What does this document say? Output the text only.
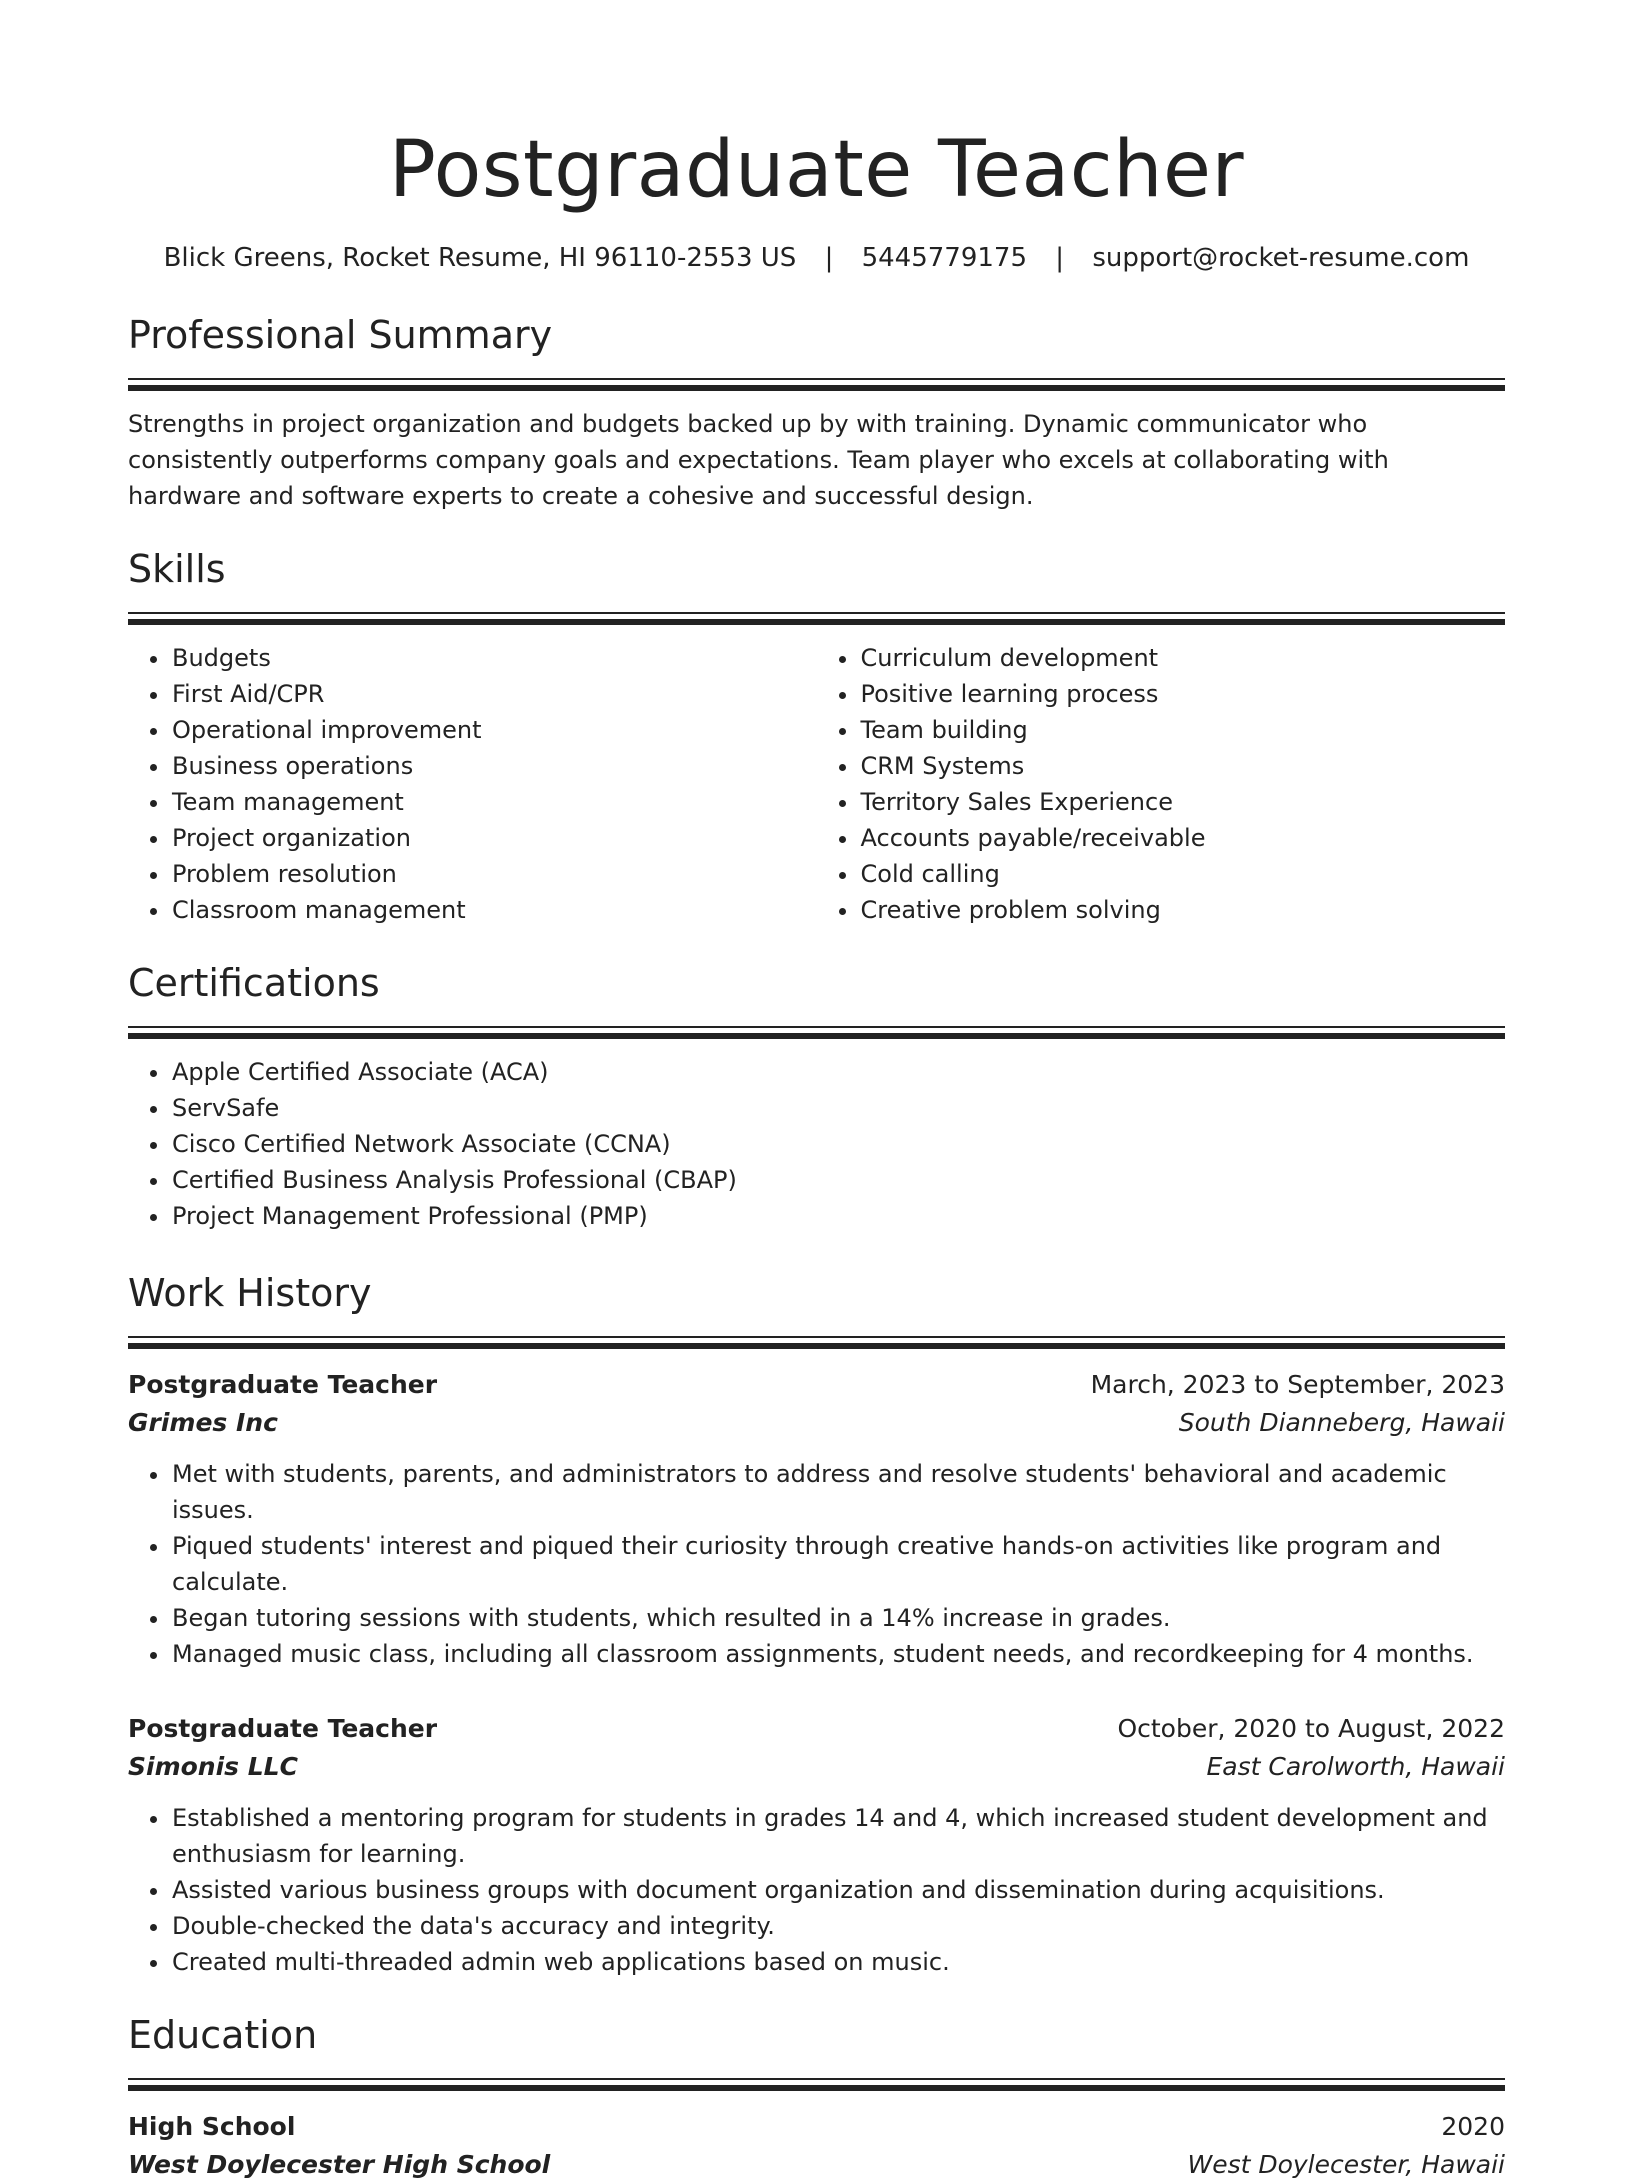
Postgraduate Teacher
Blick Greens, Rocket Resume, HI 96110-2553 US | 5445779175 | support@rocket-resume.com
Professional Summary
Strengths in project organization and budgets backed up by with training. Dynamic communicator who consistently outperforms company goals and expectations. Team player who excels at collaborating with hardware and software experts to create a cohesive and successful design.
Skills
• Budgets
• First Aid/CPR
• Operational improvement
• Business operations
• Team management
• Project organization
• Problem resolution
• Classroom management
• Curriculum development
• Positive learning process
• Team building
• CRM Systems
• Territory Sales Experience
• Accounts payable/receivable
• Cold calling
• Creative problem solving
Certifications
• Apple Certified Associate (ACA)
• ServSafe
• Cisco Certified Network Associate (CCNA)
• Certified Business Analysis Professional (CBAP)
• Project Management Professional (PMP)
Work History
Postgraduate Teacher	March, 2023 to September, 2023
Grimes Inc	South Dianneberg, Hawaii
• Met with students, parents, and administrators to address and resolve students' behavioral and academic issues.
• Piqued students' interest and piqued their curiosity through creative hands-on activities like program and calculate.
• Began tutoring sessions with students, which resulted in a 14% increase in grades.
• Managed music class, including all classroom assignments, student needs, and recordkeeping for 4 months.
Postgraduate Teacher	October, 2020 to August, 2022
Simonis LLC	East Carolworth, Hawaii
• Established a mentoring program for students in grades 14 and 4, which increased student development and enthusiasm for learning.
• Assisted various business groups with document organization and dissemination during acquisitions.
• Double-checked the data's accuracy and integrity.
• Created multi-threaded admin web applications based on music.
Education
High School	2020
West Doylecester High School	West Doylecester, Hawaii
